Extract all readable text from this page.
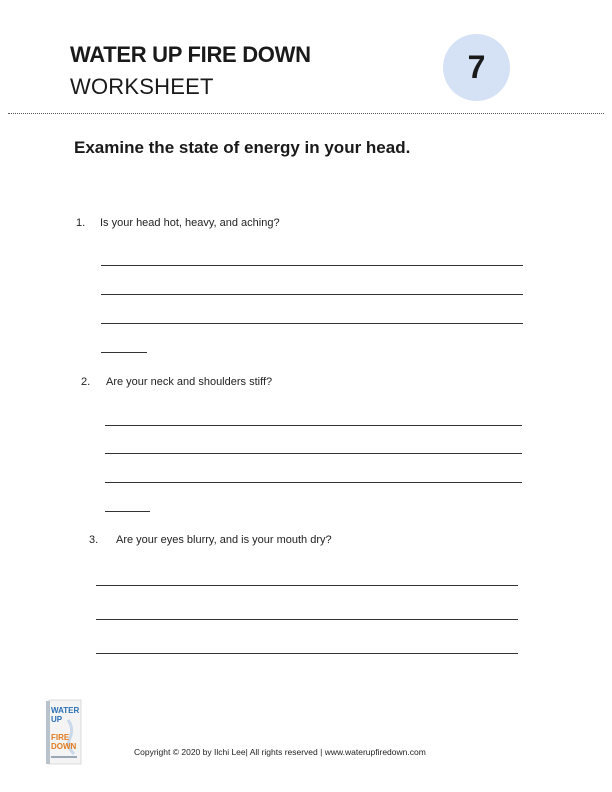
WATER UP FIRE DOWN
WORKSHEET
7
Examine the state of energy in your head.
1. Is your head hot, heavy, and aching?
2. Are your neck and shoulders stiff?
3. Are your eyes blurry, and is your mouth dry?
WATER
UP
FIRE
DOWN
Copyright © 2020 by Ilchi Lee| All rights reserved | www.waterupfiredown.com
